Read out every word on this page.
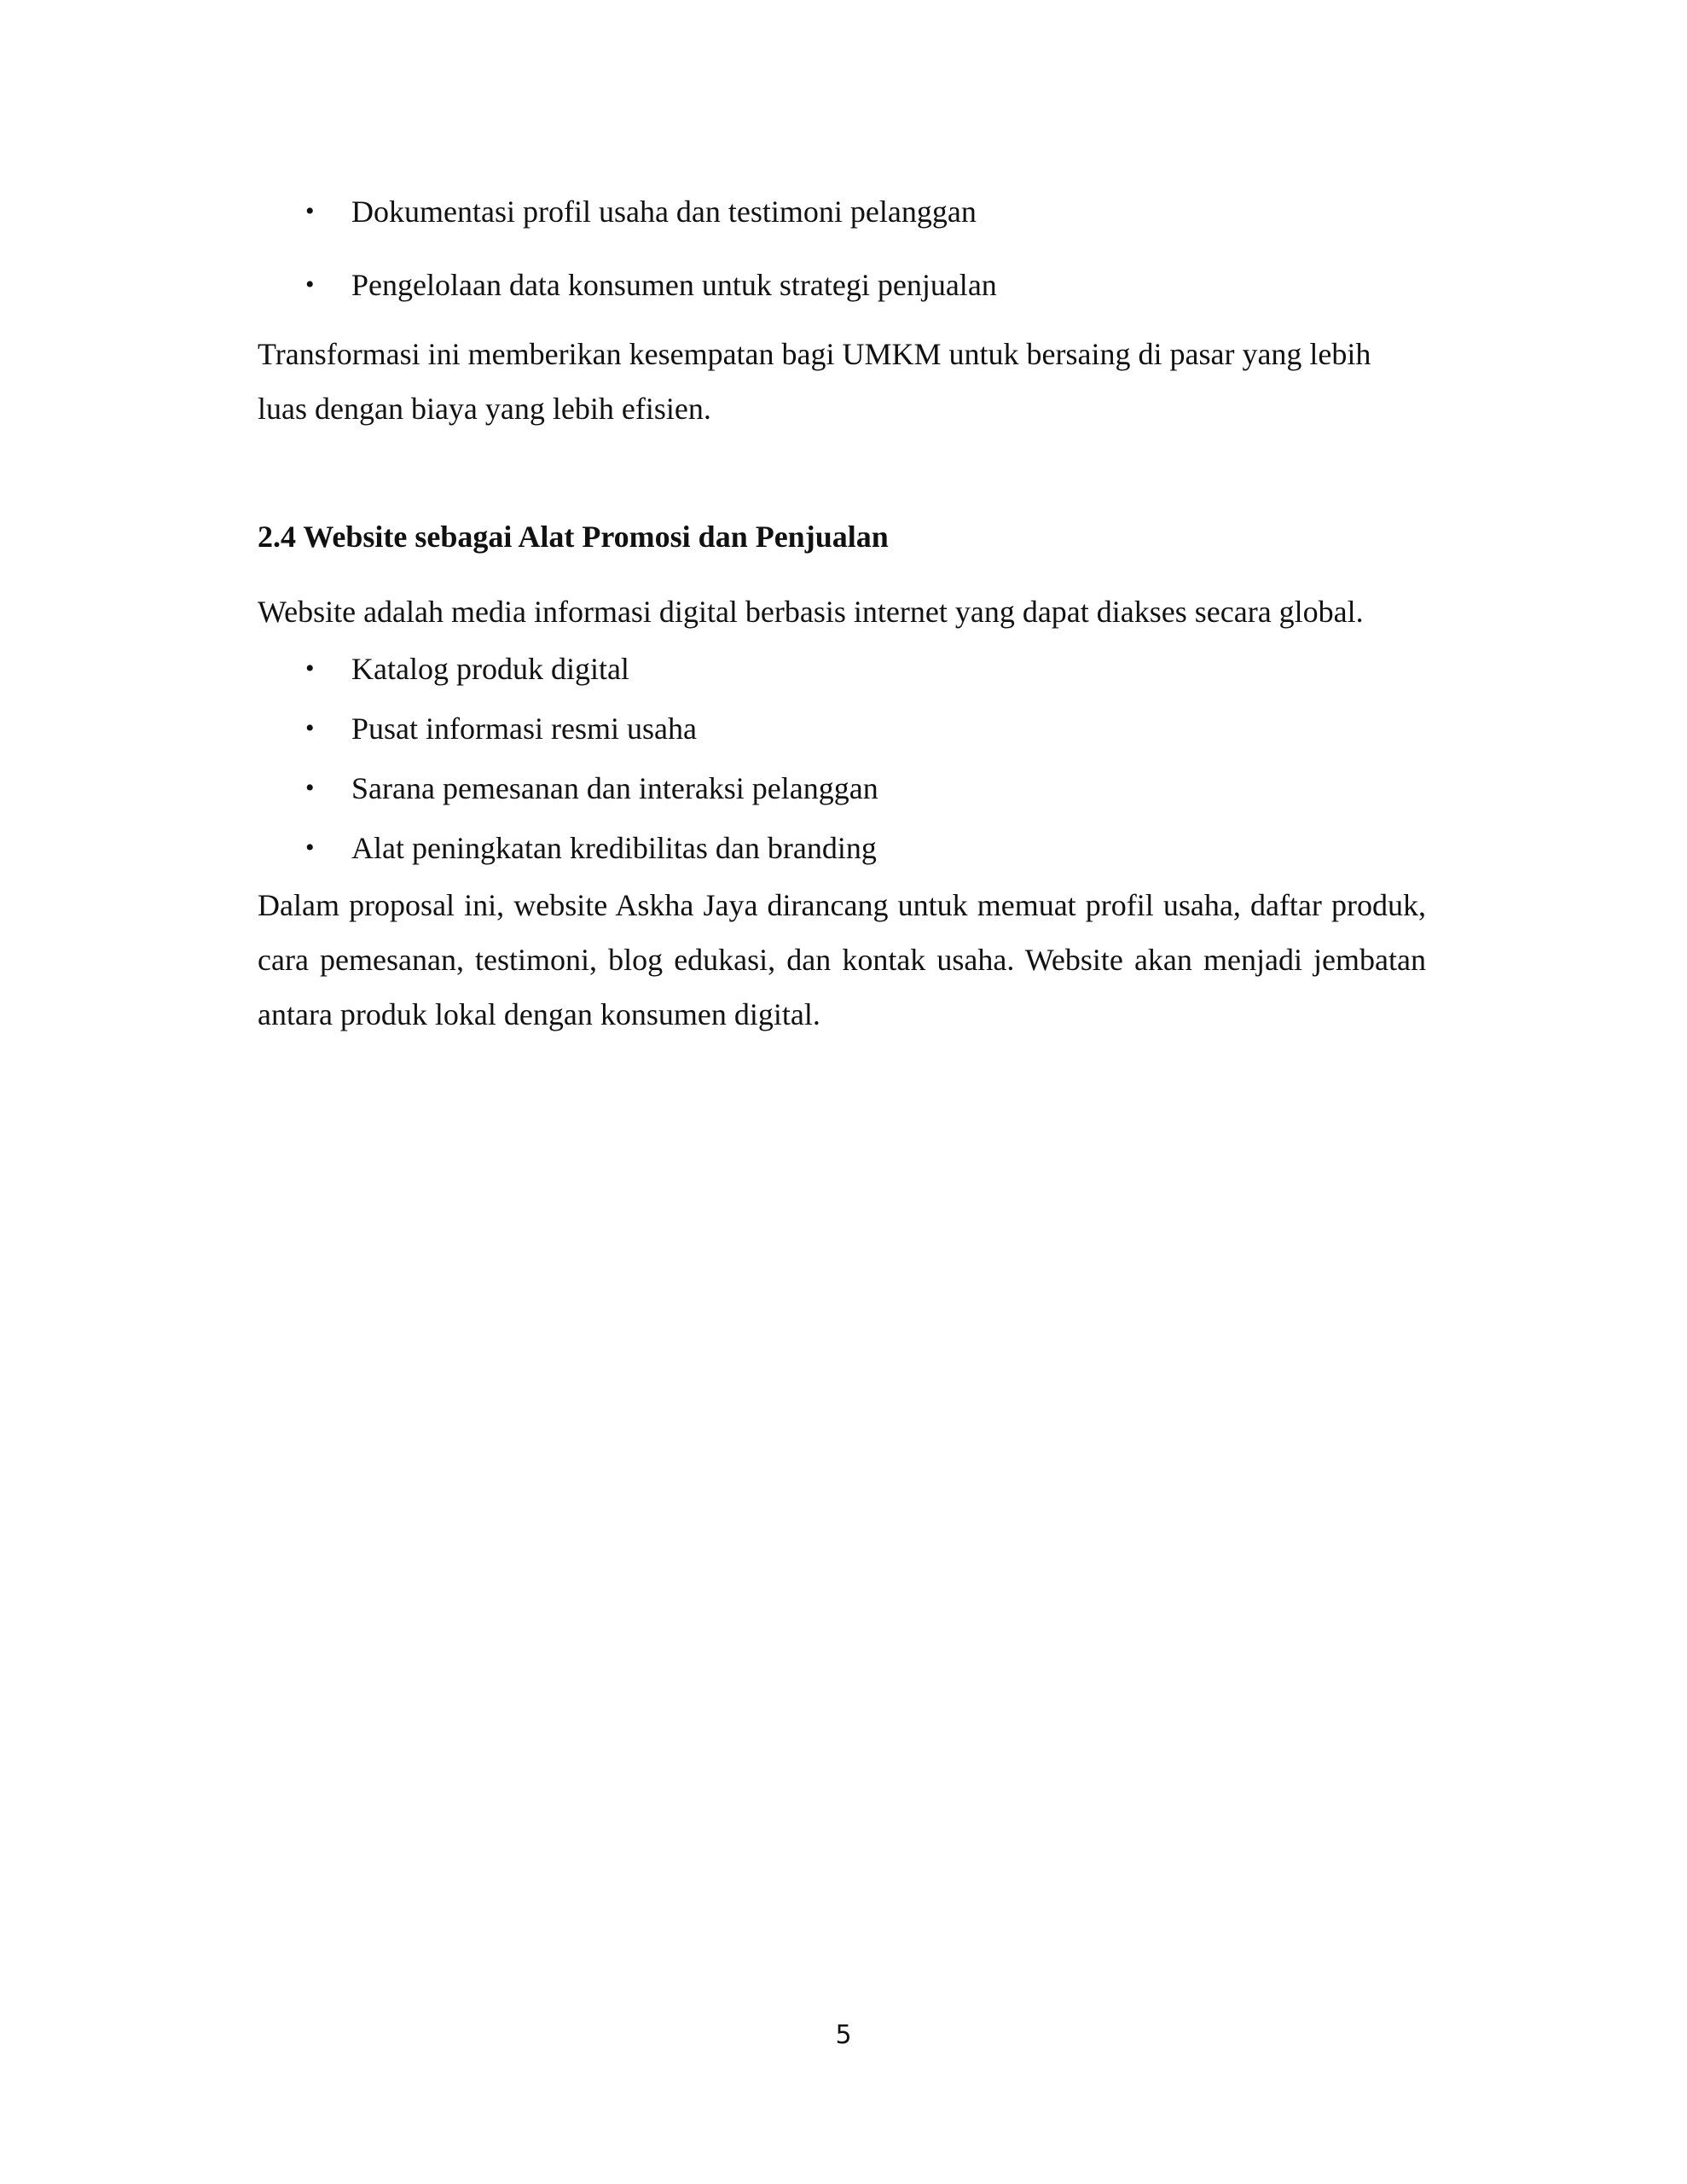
• Dokumentasi profil usaha dan testimoni pelanggan
• Pengelolaan data konsumen untuk strategi penjualan

Transformasi ini memberikan kesempatan bagi UMKM untuk bersaing di pasar yang lebih luas dengan biaya yang lebih efisien.

2.4 Website sebagai Alat Promosi dan Penjualan

Website adalah media informasi digital berbasis internet yang dapat diakses secara global.

• Katalog produk digital
• Pusat informasi resmi usaha
• Sarana pemesanan dan interaksi pelanggan
• Alat peningkatan kredibilitas dan branding

Dalam proposal ini, website Askha Jaya dirancang untuk memuat profil usaha, daftar produk, cara pemesanan, testimoni, blog edukasi, dan kontak usaha. Website akan menjadi jembatan antara produk lokal dengan konsumen digital.

5
